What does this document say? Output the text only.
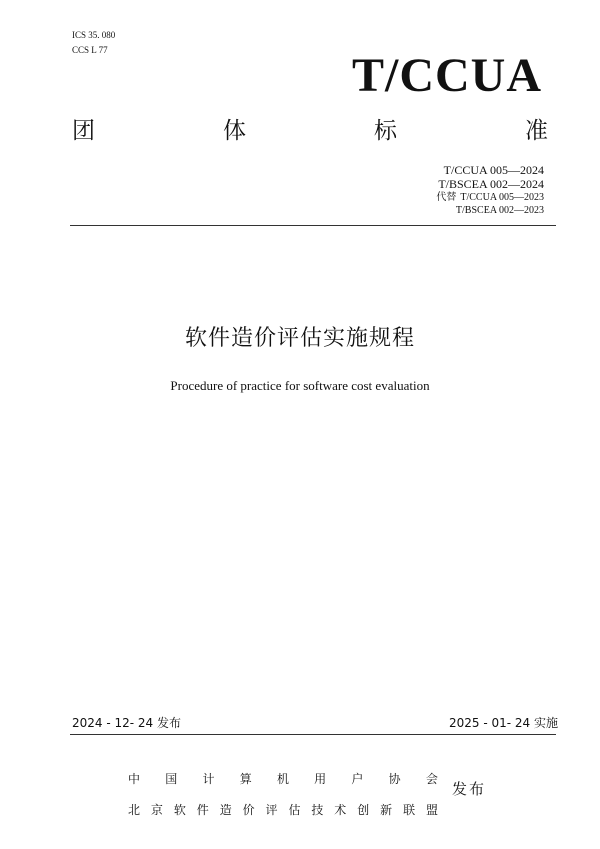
ICS 35. 080
CCS L 77	T/CCUA
团	体	标	准
T/CCUA 005—2024
T/BSCEA 002—2024
代替 T/CCUA 005—2023
T/BSCEA 002—2023
软件造价评估实施规程
Procedure of practice for software cost evaluation
2024 - 12- 24 发布	2025 - 01- 24 实施
中 国 计 算 机 用 户 协 会
北 京 软 件 造 价 评 估 技 术 创 新 联 盟
发布
